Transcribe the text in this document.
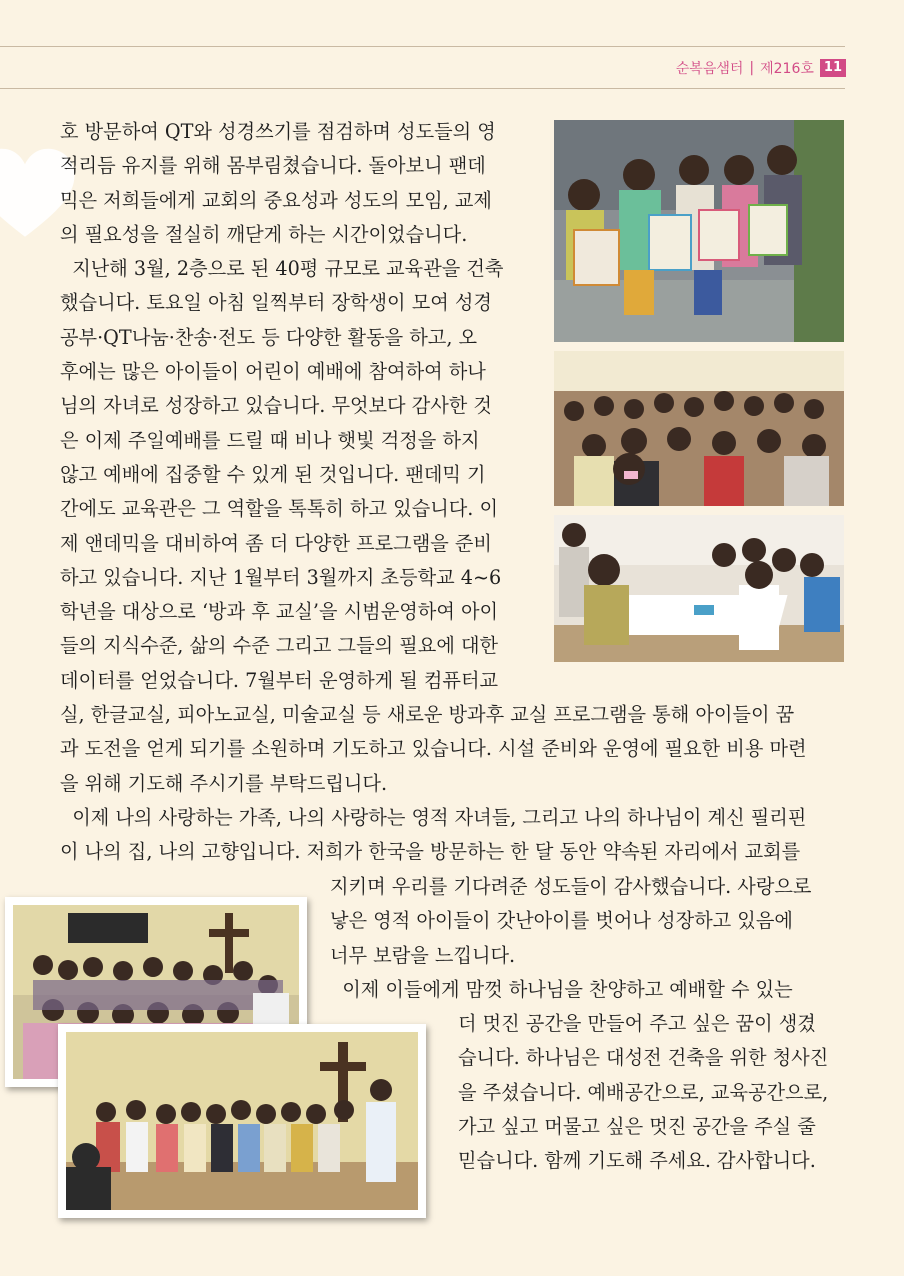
순복음샘터 | 제216호 11
호 방문하여 QT와 성경쓰기를 점검하며 성도들의 영
적리듬 유지를 위해 몸부림쳤습니다. 돌아보니 팬데
믹은 저희들에게 교회의 중요성과 성도의 모임, 교제
의 필요성을 절실히 깨닫게 하는 시간이었습니다.
지난해 3월, 2층으로 된 40평 규모로 교육관을 건축
했습니다. 토요일 아침 일찍부터 장학생이 모여 성경
공부·QT나눔·찬송·전도 등 다양한 활동을 하고, 오
후에는 많은 아이들이 어린이 예배에 참여하여 하나
님의 자녀로 성장하고 있습니다. 무엇보다 감사한 것
은 이제 주일예배를 드릴 때 비나 햇빛 걱정을 하지
않고 예배에 집중할 수 있게 된 것입니다. 팬데믹 기
간에도 교육관은 그 역할을 톡톡히 하고 있습니다. 이
제 앤데믹을 대비하여 좀 더 다양한 프로그램을 준비
하고 있습니다. 지난 1월부터 3월까지 초등학교 4~6
학년을 대상으로 ‘방과 후 교실’을 시범운영하여 아이
들의 지식수준, 삶의 수준 그리고 그들의 필요에 대한
데이터를 얻었습니다. 7월부터 운영하게 될 컴퓨터교
실, 한글교실, 피아노교실, 미술교실 등 새로운 방과후 교실 프로그램을 통해 아이들이 꿈
과 도전을 얻게 되기를 소원하며 기도하고 있습니다. 시설 준비와 운영에 필요한 비용 마련
을 위해 기도해 주시기를 부탁드립니다.
이제 나의 사랑하는 가족, 나의 사랑하는 영적 자녀들, 그리고 나의 하나님이 계신 필리핀
이 나의 집, 나의 고향입니다. 저희가 한국을 방문하는 한 달 동안 약속된 자리에서 교회를
지키며 우리를 기다려준 성도들이 감사했습니다. 사랑으로
낳은 영적 아이들이 갓난아이를 벗어나 성장하고 있음에
너무 보람을 느낍니다.
이제 이들에게 맘껏 하나님을 찬양하고 예배할 수 있는
더 멋진 공간을 만들어 주고 싶은 꿈이 생겼
습니다. 하나님은 대성전 건축을 위한 청사진
을 주셨습니다. 예배공간으로, 교육공간으로,
가고 싶고 머물고 싶은 멋진 공간을 주실 줄
믿습니다. 함께 기도해 주세요. 감사합니다.
